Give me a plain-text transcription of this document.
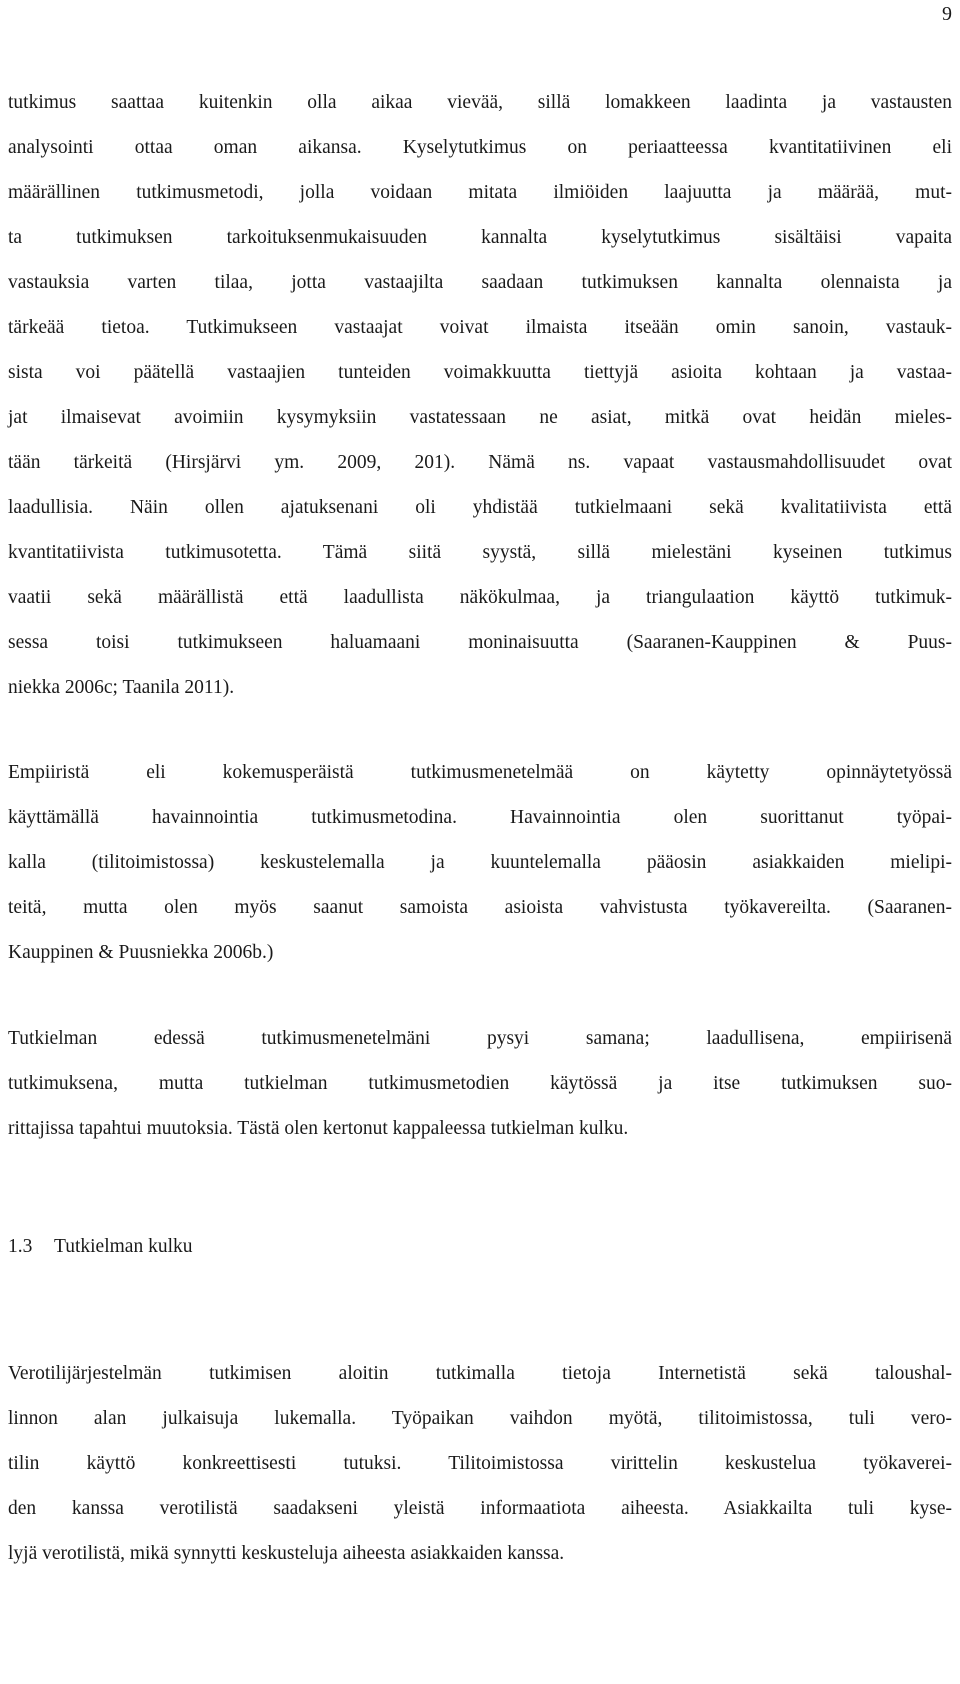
9
tutkimus saattaa kuitenkin olla aikaa vievää, sillä lomakkeen laadinta ja vastausten
analysointi ottaa oman aikansa. Kyselytutkimus on periaatteessa kvantitatiivinen eli
määrällinen tutkimusmetodi, jolla voidaan mitata ilmiöiden laajuutta ja määrää, mut-
ta tutkimuksen tarkoituksenmukaisuuden kannalta kyselytutkimus sisältäisi vapaita
vastauksia varten tilaa, jotta vastaajilta saadaan tutkimuksen kannalta olennaista ja
tärkeää tietoa. Tutkimukseen vastaajat voivat ilmaista itseään omin sanoin, vastauk-
sista voi päätellä vastaajien tunteiden voimakkuutta tiettyjä asioita kohtaan ja vastaa-
jat ilmaisevat avoimiin kysymyksiin vastatessaan ne asiat, mitkä ovat heidän mieles-
tään tärkeitä (Hirsjärvi ym. 2009, 201). Nämä ns. vapaat vastausmahdollisuudet ovat
laadullisia. Näin ollen ajatuksenani oli yhdistää tutkielmaani sekä kvalitatiivista että
kvantitatiivista tutkimusotetta. Tämä siitä syystä, sillä mielestäni kyseinen tutkimus
vaatii sekä määrällistä että laadullista näkökulmaa, ja triangulaation käyttö tutkimuk-
sessa toisi tutkimukseen haluamaani moninaisuutta (Saaranen-Kauppinen & Puus-
niekka 2006c; Taanila 2011).
Empiiristä eli kokemusperäistä tutkimusmenetelmää on käytetty opinnäytetyössä
käyttämällä havainnointia tutkimusmetodina. Havainnointia olen suorittanut työpai-
kalla (tilitoimistossa) keskustelemalla ja kuuntelemalla pääosin asiakkaiden mielipi-
teitä, mutta olen myös saanut samoista asioista vahvistusta työkavereilta. (Saaranen-
Kauppinen & Puusniekka 2006b.)
Tutkielman edessä tutkimusmenetelmäni pysyi samana; laadullisena, empiirisenä
tutkimuksena, mutta tutkielman tutkimusmetodien käytössä ja itse tutkimuksen suo-
rittajissa tapahtui muutoksia. Tästä olen kertonut kappaleessa tutkielman kulku.
1.3 Tutkielman kulku
Verotilijärjestelmän tutkimisen aloitin tutkimalla tietoja Internetistä sekä taloushal-
linnon alan julkaisuja lukemalla. Työpaikan vaihdon myötä, tilitoimistossa, tuli vero-
tilin käyttö konkreettisesti tutuksi. Tilitoimistossa virittelin keskustelua työkaverei-
den kanssa verotilistä saadakseni yleistä informaatiota aiheesta. Asiakkailta tuli kyse-
lyjä verotilistä, mikä synnytti keskusteluja aiheesta asiakkaiden kanssa.
